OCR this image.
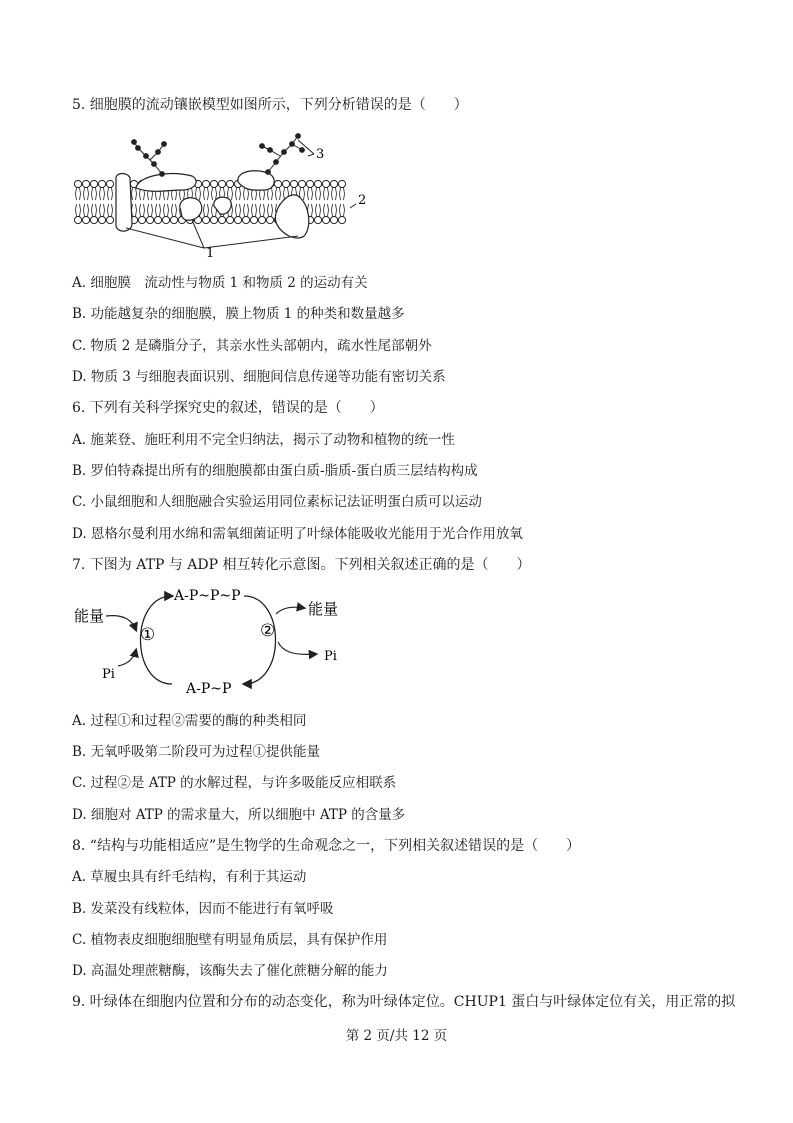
5. 细胞膜的流动镶嵌模型如图所示，下列分析错误的是（　　）
3
2
1
A. 细胞膜　流动性与物质 1 和物质 2 的运动有关
B. 功能越复杂的细胞膜，膜上物质 1 的种类和数量越多
C. 物质 2 是磷脂分子，其亲水性头部朝内，疏水性尾部朝外
D. 物质 3 与细胞表面识别、细胞间信息传递等功能有密切关系
6. 下列有关科学探究史的叙述，错误的是（　　）
A. 施莱登、施旺利用不完全归纳法，揭示了动物和植物的统一性
B. 罗伯特森提出所有的细胞膜都由蛋白质-脂质-蛋白质三层结构构成
C. 小鼠细胞和人细胞融合实验运用同位素标记法证明蛋白质可以运动
D. 恩格尔曼利用水绵和需氧细菌证明了叶绿体能吸收光能用于光合作用放氧
7. 下图为 ATP 与 ADP 相互转化示意图。下列相关叙述正确的是（　　）
A-P~P~P
A-P~P
能量
Pi
能量
Pi
①	②
A. 过程①和过程②需要的酶的种类相同
B. 无氧呼吸第二阶段可为过程①提供能量
C. 过程②是 ATP 的水解过程，与许多吸能反应相联系
D. 细胞对 ATP 的需求量大，所以细胞中 ATP 的含量多
8. “结构与功能相适应”是生物学的生命观念之一，下列相关叙述错误的是（　　）
A. 草履虫具有纤毛结构，有利于其运动
B. 发菜没有线粒体，因而不能进行有氧呼吸
C. 植物表皮细胞细胞壁有明显角质层，具有保护作用
D. 高温处理蔗糖酶，该酶失去了催化蔗糖分解的能力
9. 叶绿体在细胞内位置和分布的动态变化，称为叶绿体定位。CHUP1 蛋白与叶绿体定位有关，用正常的拟
第 2 页/共 12 页
